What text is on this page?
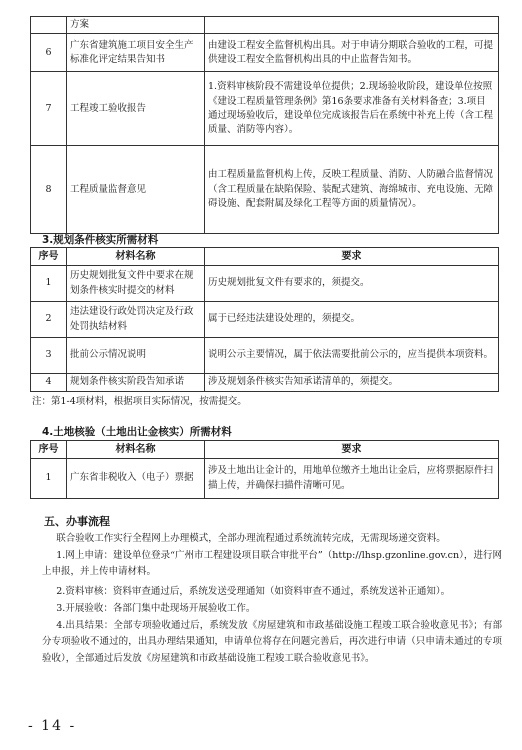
	方案	
6	广东省建筑施工项目安全生产标准化评定结果告知书	由建设工程安全监督机构出具。对于申请分期联合验收的工程，可提供建设工程安全监督机构出具的中止监督告知书。
7	工程竣工验收报告	1.资料审核阶段不需建设单位提供；2.现场验收阶段，建设单位按照《建设工程质量管理条例》第16条要求准备有关材料备查；3.项目通过现场验收后，建设单位完成该报告后在系统中补充上传（含工程质量、消防等内容）。
8	工程质量监督意见	由工程质量监督机构上传，反映工程质量、消防、人防融合监督情况（含工程质量在缺陷保险、装配式建筑、海绵城市、充电设施、无障碍设施、配套附属及绿化工程等方面的质量情况）。
3.规划条件核实所需材料
序号	材料名称	要求
1	历史规划批复文件中要求在规划条件核实时提交的材料	历史规划批复文件有要求的，须提交。
2	违法建设行政处罚决定及行政处罚执结材料	属于已经违法建设处理的，须提交。
3	批前公示情况说明	说明公示主要情况，属于依法需要批前公示的，应当提供本项资料。
4	规划条件核实阶段告知承诺	涉及规划条件核实告知承诺清单的，须提交。
注：第1-4项材料，根据项目实际情况，按需提交。
4.土地核验（土地出让金核实）所需材料
序号	材料名称	要求
1	广东省非税收入（电子）票据	涉及土地出让金计的，用地单位缴齐土地出让金后，应将票据原件扫描上传，并确保扫描件清晰可见。
五、办事流程

联合验收工作实行全程网上办理模式，全部办理流程通过系统流转完成，无需现场递交资料。

1.网上申请：建设单位登录“广州市工程建设项目联合审批平台”（http://lhsp.gzonline.gov.cn），进行网上申报，并上传申请材料。

2.资料审核：资料审查通过后，系统发送受理通知（如资料审查不通过，系统发送补正通知）。

3.开展验收：各部门集中赴现场开展验收工作。

4.出具结果：全部专项验收通过后，系统发放《房屋建筑和市政基础设施工程竣工联合验收意见书》；有部分专项验收不通过的，出具办理结果通知，申请单位将存在问题完善后，再次进行申请（只申请未通过的专项验收），全部通过后发放《房屋建筑和市政基础设施工程竣工联合验收意见书》。

- 14 -
